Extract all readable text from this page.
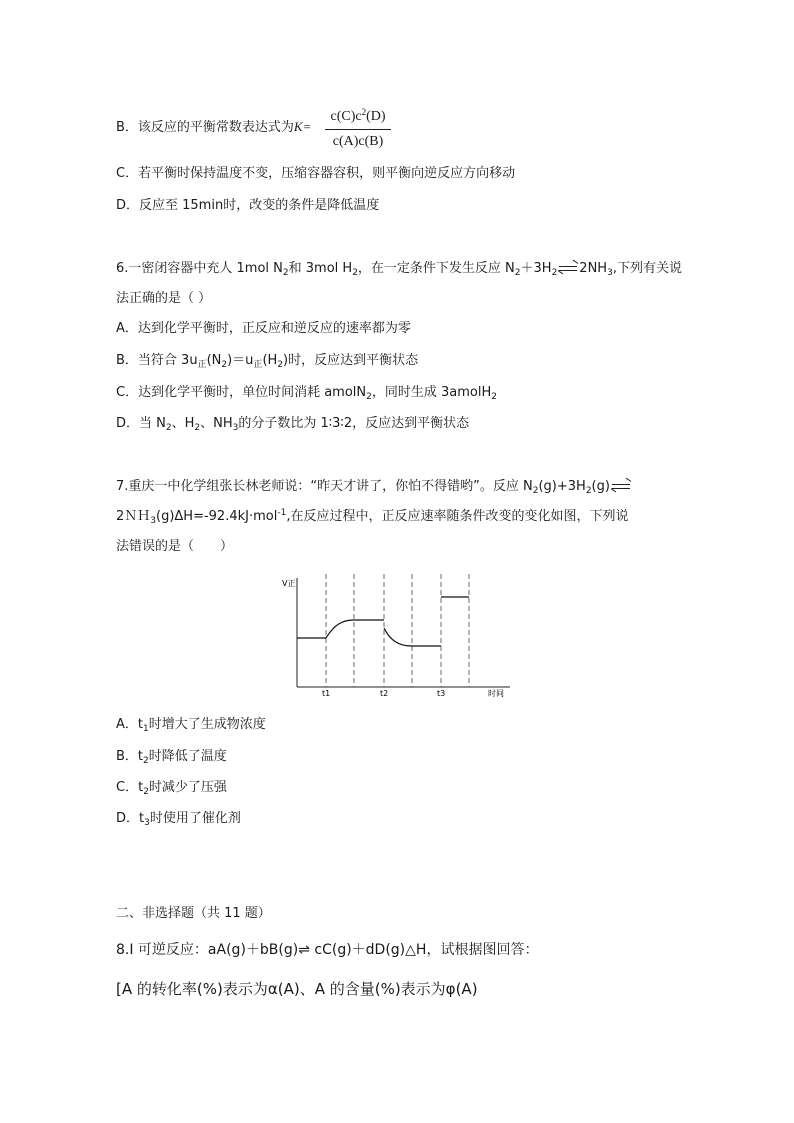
B．该反应的平衡常数表达式为$K= \frac{c(C)c^2(D)}{c(A)c(B)}$
C．若平衡时保持温度不变，压缩容器容积，则平衡向逆反应方向移动
D．反应至 15min时，改变的条件是降低温度
6.一密闭容器中充人 1mol $N_2$和 3mol $H_2$，在一定条件下发生反应 $N_2+3H_2$ $2NH_3$,下列有关说
法正确的是（ ）
A．达到化学平衡时，正反应和逆反应的速率都为零
B．当符合 $3u_正(N_2)=u_正(H_2)$时，反应达到平衡状态
C．达到化学平衡时，单位时间消耗 amolN$_2$，同时生成 3amolH$_2$
D．当 $N_2$、$H_2$、$NH_3$的分子数比为 1∶3∶2，反应达到平衡状态
7.重庆一中化学组张长林老师说：“昨天才讲了，你怕不得错哟”。反应 $N_2(g)+3H_2(g)$
2ＮＨ$_3$(g)ΔH=-92.4kJ·mol$^{-1}$,在反应过程中，正反应速率随条件改变的变化如图，下列说
法错误的是（　　）
V正
t1	t2	t3	时间
A．$t_1$时增大了生成物浓度
B．$t_2$时降低了温度
C．$t_2$时减少了压强
D．$t_3$时使用了催化剂
二、非选择题（共 11 题）
8.I 可逆反应：aA(g)＋bB(g)⇌ cC(g)＋dD(g)△H，试根据图回答：
[A 的转化率(%)表示为α(A)、A 的含量(%)表示为φ(A)
